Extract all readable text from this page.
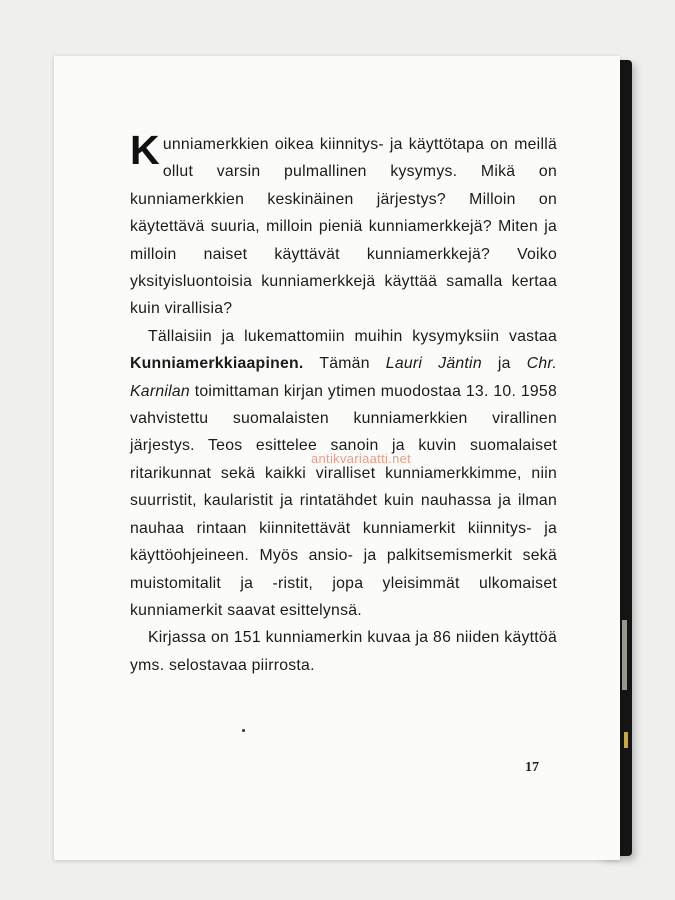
Kunniamerkkien oikea kiinnitys- ja käyttötapa on meillä ollut varsin pulmallinen kysymys. Mikä on kunniamerkkien keskinäinen järjestys? Milloin on käytettävä suuria, milloin pieniä kunniamerkkejä? Miten ja milloin naiset käyttävät kunniamerkkejä? Voiko yksityisluontoisia kunniamerkkejä käyttää samalla kertaa kuin virallisia?

Tällaisiin ja lukemattomiin muihin kysymyksiin vastaa Kunniamerkkiaapinen. Tämän Lauri Jäntin ja Chr. Karnilan toimittaman kirjan ytimen muodostaa 13. 10. 1958 vahvistettu suomalaisten kunniamerkkien virallinen järjestys. Teos esittelee sanoin ja kuvin suomalaiset ritarikunnat sekä kaikki viralliset kunniamerkkimme, niin suurristit, kaularistit ja rintatähdet kuin nauhassa ja ilman nauhaa rintaan kiinnitettävät kunniamerkit kiinnitys- ja käyttöohjeineen. Myös ansio- ja palkitsemismerkit sekä muistomitalit ja -ristit, jopa yleisimmät ulkomaiset kunniamerkit saavat esittelynsä.

Kirjassa on 151 kunniamerkin kuvaa ja 86 niiden käyttöä yms. selostavaa piirrosta.

17
antikvariaatti.net
